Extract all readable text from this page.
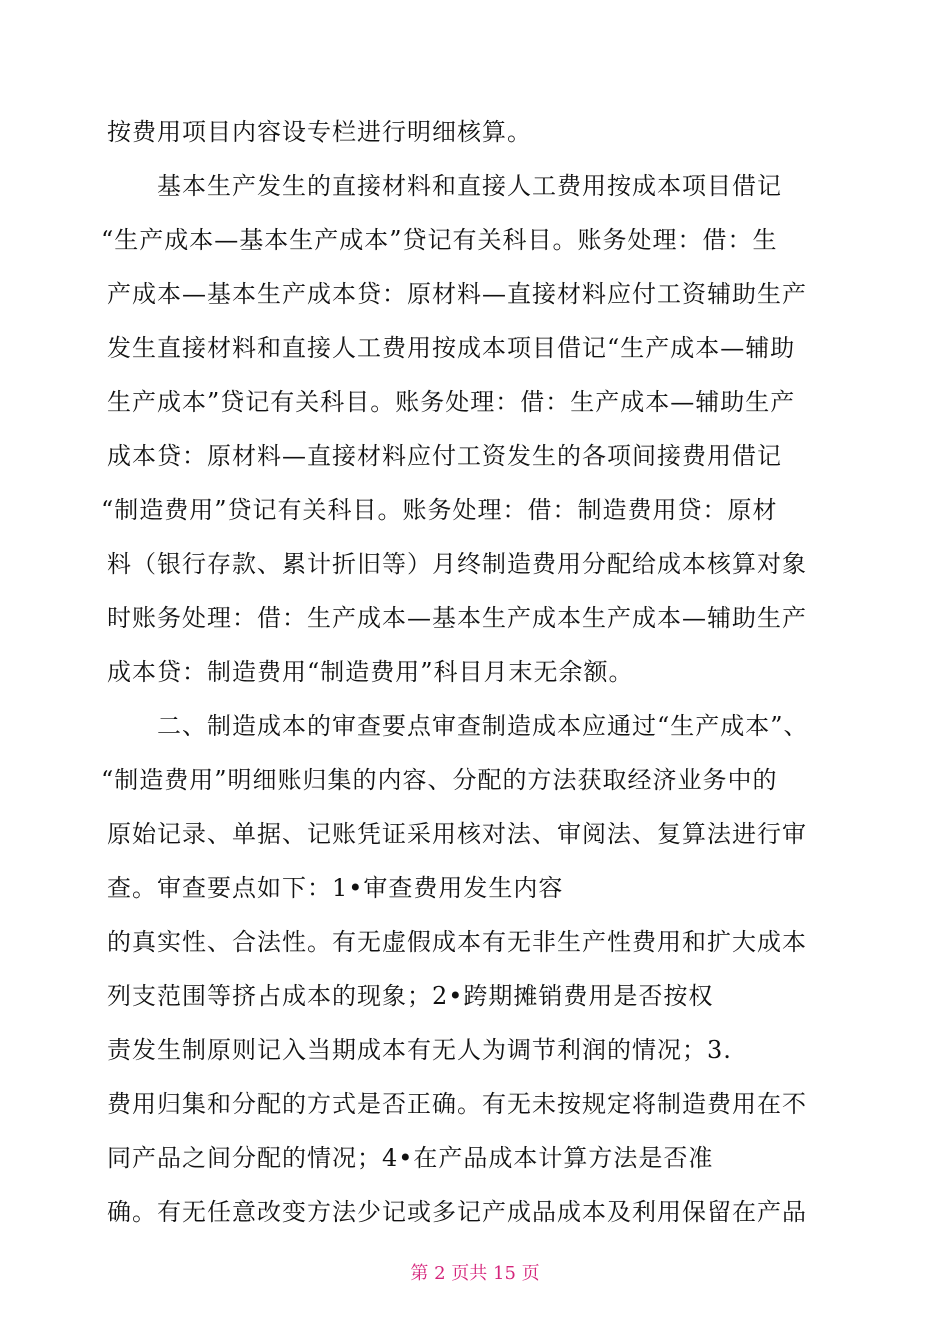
按费用项目内容设专栏进行明细核算。
基本生产发生的直接材料和直接人工费用按成本项目借记
“生产成本—基本生产成本”贷记有关科目。账务处理：借：生
产成本—基本生产成本贷：原材料—直接材料应付工资辅助生产
发生直接材料和直接人工费用按成本项目借记“生产成本—辅助
生产成本”贷记有关科目。账务处理：借：生产成本—辅助生产
成本贷：原材料—直接材料应付工资发生的各项间接费用借记
“制造费用”贷记有关科目。账务处理：借：制造费用贷：原材
料（银行存款、累计折旧等）月终制造费用分配给成本核算对象
时账务处理：借：生产成本—基本生产成本生产成本—辅助生产
成本贷：制造费用“制造费用”科目月末无余额。
二、制造成本的审查要点审查制造成本应通过“生产成本”、
“制造费用”明细账归集的内容、分配的方法获取经济业务中的
原始记录、单据、记账凭证采用核对法、审阅法、复算法进行审
查。审查要点如下：1•审查费用发生内容
的真实性、合法性。有无虚假成本有无非生产性费用和扩大成本
列支范围等挤占成本的现象；2•跨期摊销费用是否按权
责发生制原则记入当期成本有无人为调节利润的情况；3.
费用归集和分配的方式是否正确。有无未按规定将制造费用在不
同产品之间分配的情况；4•在产品成本计算方法是否准
确。有无任意改变方法少记或多记产成品成本及利用保留在产品
第 2 页共 15 页
